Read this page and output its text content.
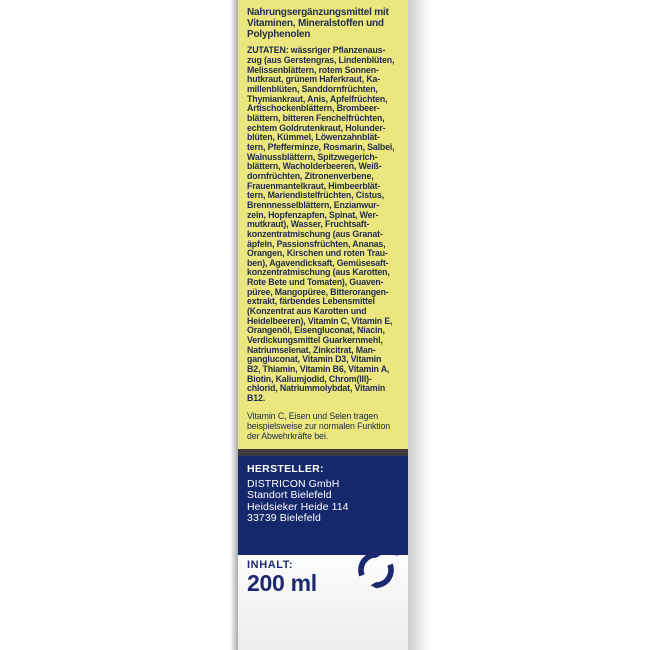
Nahrungsergänzungsmittel mit
Vitaminen, Mineralstoffen und
Polyphenolen
ZUTATEN: wässriger Pflanzenaus-
zug (aus Gerstengras, Lindenblüten,
Melissenblättern, rotem Sonnen-
hutkraut, grünem Haferkraut, Ka-
millenblüten, Sanddornfrüchten,
Thymiankraut, Anis, Apfelfrüchten,
Artischockenblättern, Brombeer-
blättern, bitteren Fenchelfrüchten,
echtem Goldrutenkraut, Holunder-
blüten, Kümmel, Löwenzahnblät-
tern, Pfefferminze, Rosmarin, Salbei,
Walnussblättern, Spitzwegerich-
blättern, Wacholderbeeren, Weiß-
dornfrüchten, Zitronenverbene,
Frauenmantelkraut, Himbeerblät-
tern, Mariendistelfrüchten, Cistus,
Brennnesselblättern, Enzianwur-
zeln, Hopfenzapfen, Spinat, Wer-
mutkraut), Wasser, Fruchtsaft-
konzentratmischung (aus Granat-
äpfeln, Passionsfrüchten, Ananas,
Orangen, Kirschen und roten Trau-
ben), Agavendicksaft, Gemüsesaft-
konzentratmischung (aus Karotten,
Rote Bete und Tomaten), Guaven-
püree, Mangopüree, Bitterorangen-
extrakt, färbendes Lebensmittel
(Konzentrat aus Karotten und
Heidelbeeren), Vitamin C, Vitamin E,
Orangenöl, Eisengluconat, Niacin,
Verdickungsmittel Guarkernmehl,
Natriumselenat, Zinkcitrat, Man-
gangluconat, Vitamin D3, Vitamin
B2, Thiamin, Vitamin B6, Vitamin A,
Biotin, Kaliumjodid, Chrom(III)-
chlorid, Natriummolybdat, Vitamin
B12.
Vitamin C, Eisen und Selen tragen
beispielsweise zur normalen Funktion
der Abwehrkräfte bei.
HERSTELLER:
DISTRICON GmbH
Standort Bielefeld
Heidsieker Heide 114
33739 Bielefeld
INHALT:
200 ml
®
